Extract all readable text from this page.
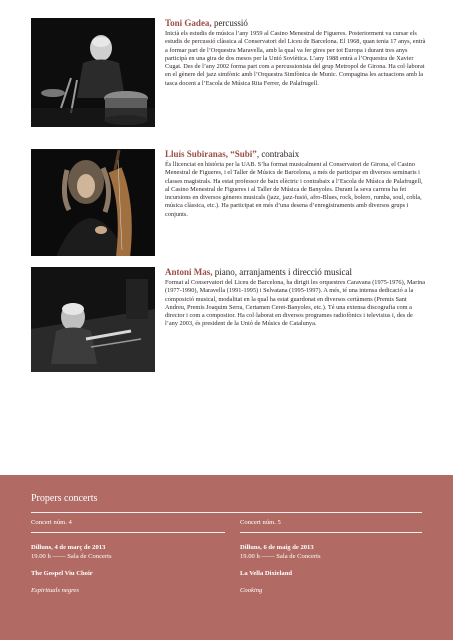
Toni Gadea, percussió

Inicià els estudis de música l’any 1959 al Casino Menestral de Figueres. Posteriorment va cursar els estudis de percussió clàssica al Conservatori del Liceu de Barcelona. El 1968, quan tenia 17 anys, entrà a formar part de l’Orquestra Maravella, amb la qual va fer gires per tot Europa i durant tres anys participà en una gira de dos mesos per la Unió Soviètica. L’any 1988 entrà a l’Orquestra de Xavier Cugat. Des de l’any 2002 forma part com a percussionista del grup Metropol de Girona. Ha col·laborat en el gènere del jazz simfònic amb l’Orquestra Simfònica de Munic. Compagina les actuacions amb la tasca docent a l’Escola de Música Rita Ferrer, de Palafrugell.

Lluís Subiranas, “Subi”, contrabaix

És llicenciat en història per la UAB. S’ha format musicalment al Conservatori de Girona, el Casino Menestral de Figueres, i el Taller de Músics de Barcelona, a més de participar en diversos seminaris i classes magistrals. Ha estat professor de baix elèctric i contrabaix a l’Escola de Música de Palafrugell, al Casino Menestral de Figueres i al Taller de Música de Banyoles. Durant la seva carrera ha fet incursions en diversos gèneres musicals (jazz, jazz-fusió, afro-Blues, rock, bolero, rumba, soul, cobla, música clàssica, etc.). Ha participat en més d’una desena d’enregistraments amb diversos grups i conjunts.

Antoni Mas, piano, arranjaments i direcció musical

Format al Conservatori del Liceu de Barcelona, ha dirigit les orquestres Caravana (1975-1976), Marina (1977-1990), Maravella (1991-1995) i Selvatana (1995-1997). A més, té una intensa dedicació a la composició musical, modalitat en la qual ha estat guardonat en diversos certàmens (Premis Sant Andreu, Premis Joaquim Serra, Certamen Ceret-Banyoles, etc.). Té una extensa discografia com a director i com a compositor. Ha col·laborat en diversos programes radiofònics i televisius i, des de l’any 2003, és president de la Unió de Músics de Catalunya.

Propers concerts

Concert núm. 4

Dilluns, 4 de març de 2013

19.00 h —— Sala de Concerts

The Gospel Viu Choir

Espirituals negres

Concert núm. 5

Dilluns, 6 de maig de 2013

19.00 h —— Sala de Concerts

La Vella Dixieland

Cooking
